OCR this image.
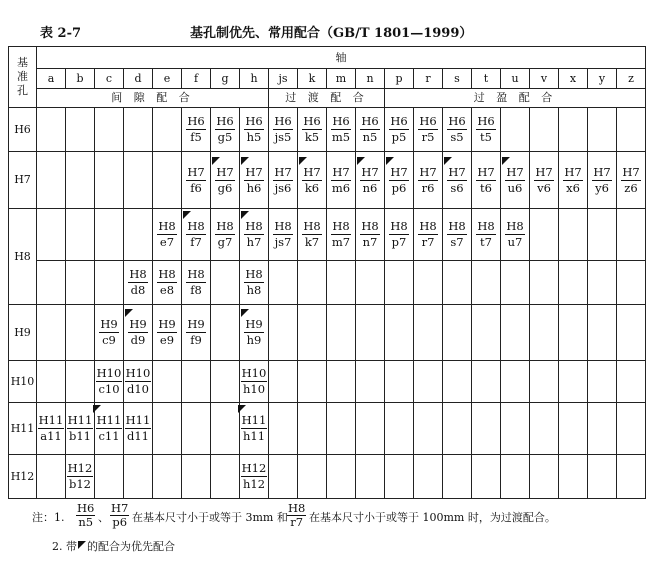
表 2-7	基孔制优先、常用配合（GB/T 1801—1999）
基准孔	轴																				
	a	b	c	d	e	f	g	h	js	k	m	n	p	r	s	t	u	v	x	y	z
	间 隙 配 合								过 渡 配 合				过 盈 配 合								
H6						$\frac{H6}{f5}$	$\frac{H6}{g5}$	$\frac{H6}{h5}$	$\frac{H6}{js5}$	$\frac{H6}{k5}$	$\frac{H6}{m5}$	$\frac{H6}{n5}$	$\frac{H6}{p5}$	$\frac{H6}{r5}$	$\frac{H6}{s5}$	$\frac{H6}{t5}$

H7						$\frac{H7}{f6}$	$\frac{H7}{g6}$	$\frac{H7}{h6}$	$\frac{H7}{js6}$	$\frac{H7}{k6}$	$\frac{H7}{m6}$	$\frac{H7}{n6}$	$\frac{H7}{p6}$	$\frac{H7}{r6}$	$\frac{H7}{s6}$	$\frac{H7}{t6}$	$\frac{H7}{u6}$	$\frac{H7}{v6}$	$\frac{H7}{x6}$	$\frac{H7}{y6}$	$\frac{H7}{z6}$

H8					$\frac{H8}{e7}$	$\frac{H8}{f7}$	$\frac{H8}{g7}$	$\frac{H8}{h7}$	$\frac{H8}{js7}$	$\frac{H8}{k7}$	$\frac{H8}{m7}$	$\frac{H8}{n7}$	$\frac{H8}{p7}$	$\frac{H8}{r7}$	$\frac{H8}{s7}$	$\frac{H8}{t7}$	$\frac{H8}{u7}$

				$\frac{H8}{d8}$	$\frac{H8}{e8}$	$\frac{H8}{f8}$		$\frac{H8}{h8}$

H9			$\frac{H9}{c9}$	$\frac{H9}{d9}$	$\frac{H9}{e9}$	$\frac{H9}{f9}$		$\frac{H9}{h9}$

H10			$\frac{H10}{c10}$	$\frac{H10}{d10}$				$\frac{H10}{h10}$

H11	$\frac{H11}{a11}$	$\frac{H11}{b11}$	$\frac{H11}{c11}$	$\frac{H11}{d11}$				$\frac{H11}{h11}$

H12		$\frac{H12}{b12}$						$\frac{H12}{h12}$

注：1. $\frac{H6}{n5}$ 、 $\frac{H7}{p6}$ 在基本尺寸小于或等于 3mm 和 $\frac{H8}{r7}$ 在基本尺寸小于或等于 100mm 时，为过渡配合。
2. 带 的配合为优先配合
